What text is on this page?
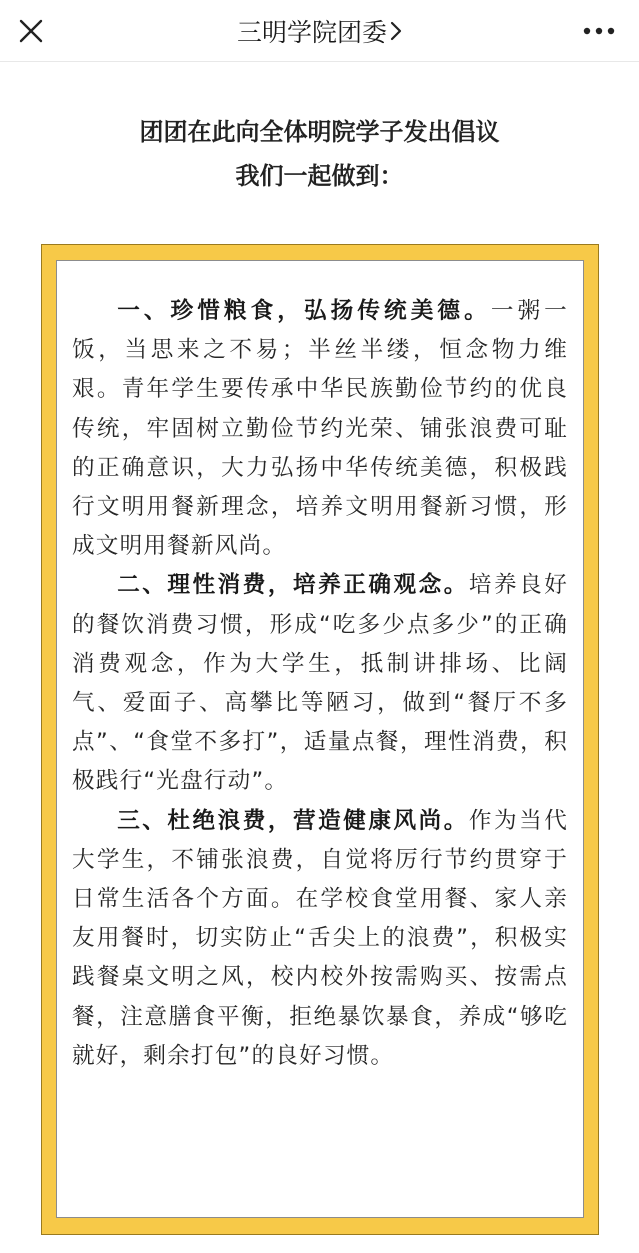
三明学院团委
团团在此向全体明院学子发出倡议
我们一起做到：

一、珍惜粮食，弘扬传统美德。一粥一饭，当思来之不易；半丝半缕，恒念物力维艰。青年学生要传承中华民族勤俭节约的优良传统，牢固树立勤俭节约光荣、铺张浪费可耻的正确意识，大力弘扬中华传统美德，积极践行文明用餐新理念，培养文明用餐新习惯，形成文明用餐新风尚。

二、理性消费，培养正确观念。培养良好的餐饮消费习惯，形成“吃多少点多少”的正确消费观念，作为大学生，抵制讲排场、比阔气、爱面子、高攀比等陋习，做到“餐厅不多点”、“食堂不多打”，适量点餐，理性消费，积极践行“光盘行动”。

三、杜绝浪费，营造健康风尚。作为当代大学生，不铺张浪费，自觉将厉行节约贯穿于日常生活各个方面。在学校食堂用餐、家人亲友用餐时，切实防止“舌尖上的浪费”，积极实践餐桌文明之风，校内校外按需购买、按需点餐，注意膳食平衡，拒绝暴饮暴食，养成“够吃就好，剩余打包”的良好习惯。
